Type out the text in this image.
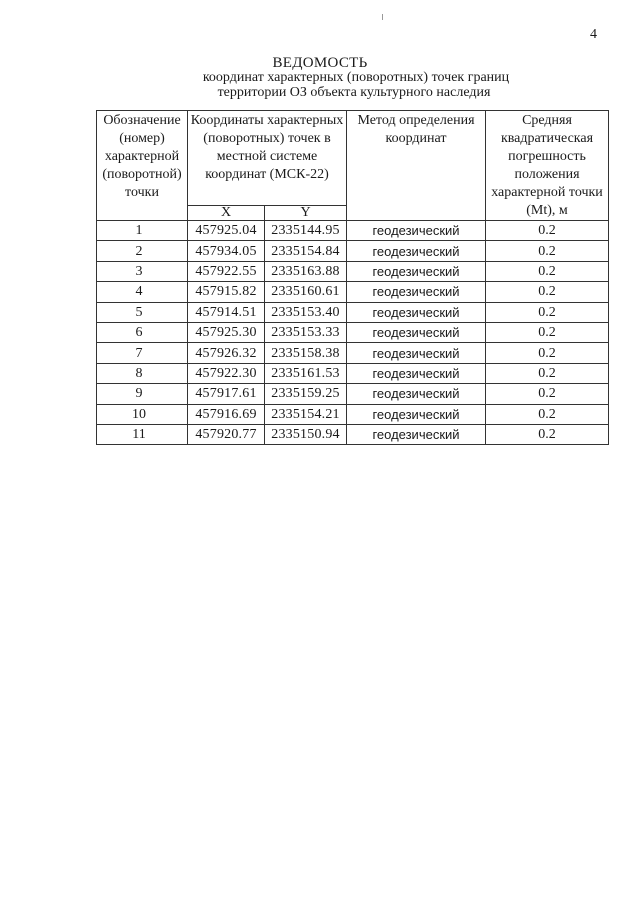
4
ВЕДОМОСТЬ
координат характерных (поворотных) точек границ
территории ОЗ объекта культурного наследия
Обозначение (номер) характерной (поворотной) точки	Координаты характерных (поворотных) точек в местной системе координат (МСК-22)		Метод определения координат	Средняя квадратическая погрешность положения характерной точки (Mt), м
	X	Y		
1	457925.04	2335144.95	геодезический	0.2
2	457934.05	2335154.84	геодезический	0.2
3	457922.55	2335163.88	геодезический	0.2
4	457915.82	2335160.61	геодезический	0.2
5	457914.51	2335153.40	геодезический	0.2
6	457925.30	2335153.33	геодезический	0.2
7	457926.32	2335158.38	геодезический	0.2
8	457922.30	2335161.53	геодезический	0.2
9	457917.61	2335159.25	геодезический	0.2
10	457916.69	2335154.21	геодезический	0.2
11	457920.77	2335150.94	геодезический	0.2
